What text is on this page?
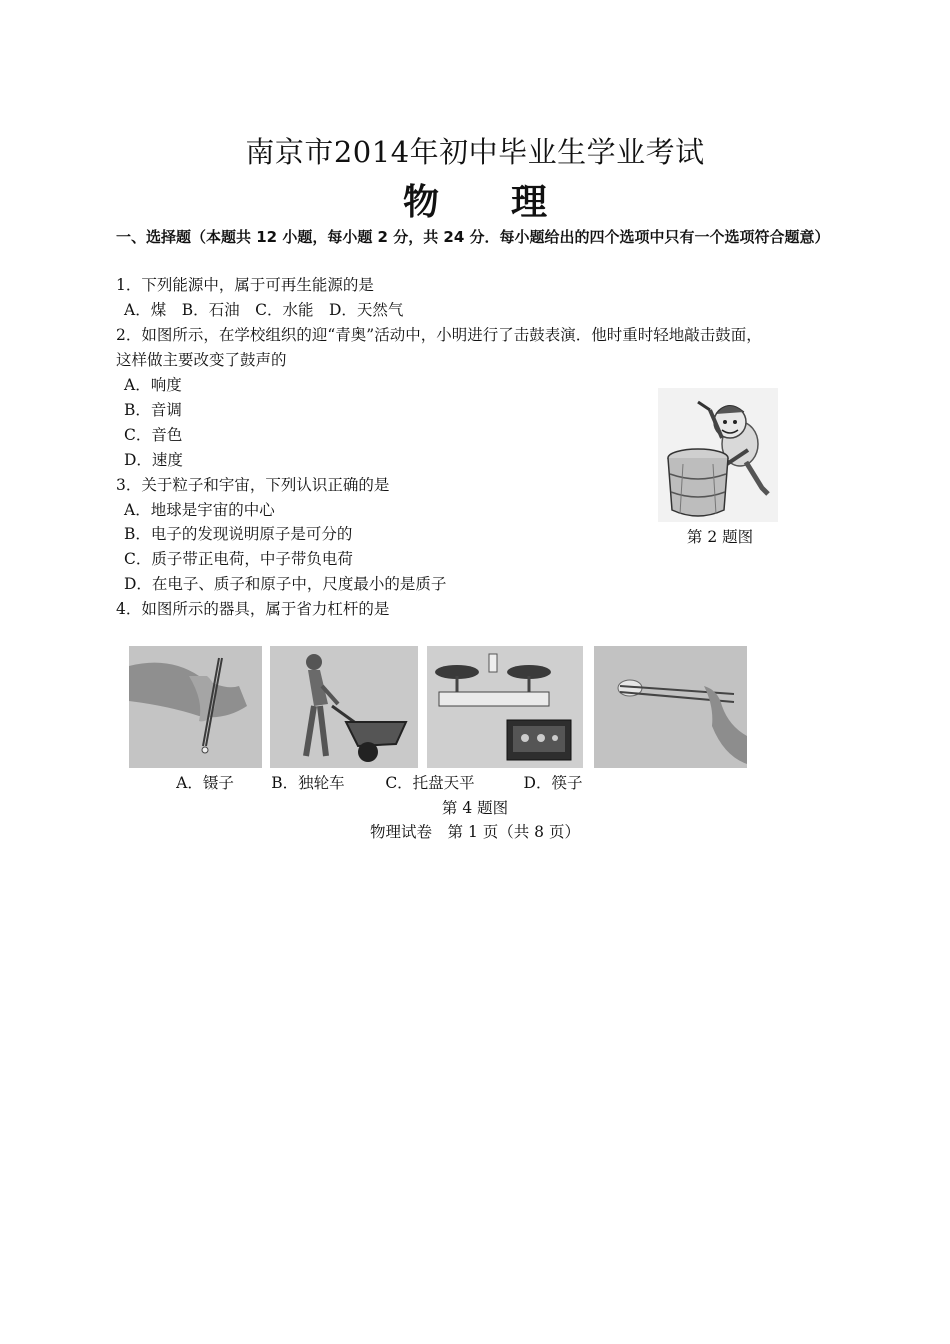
南京市2014年初中毕业生学业考试
物 理
一、选择题（本题共 12 小题，每小题 2 分，共 24 分．每小题给出的四个选项中只有一个选项符合题意）
1．下列能源中，属于可再生能源的是
A．煤　B．石油　C．水能　D．天然气
2．如图所示，在学校组织的迎“青奥”活动中，小明进行了击鼓表演．他时重时轻地敲击鼓面，
这样做主要改变了鼓声的
A．响度
B．音调
C．音色
D．速度
第 2 题图
3．关于粒子和宇宙，下列认识正确的是
A．地球是宇宙的中心
B．电子的发现说明原子是可分的
C．质子带正电荷，中子带负电荷
D．在电子、质子和原子中，尺度最小的是质子
4．如图所示的器具，属于省力杠杆的是
A．镊子	B．独轮车	C．托盘天平	D．筷子
第 4 题图
物理试卷　第 1 页（共 8 页）
